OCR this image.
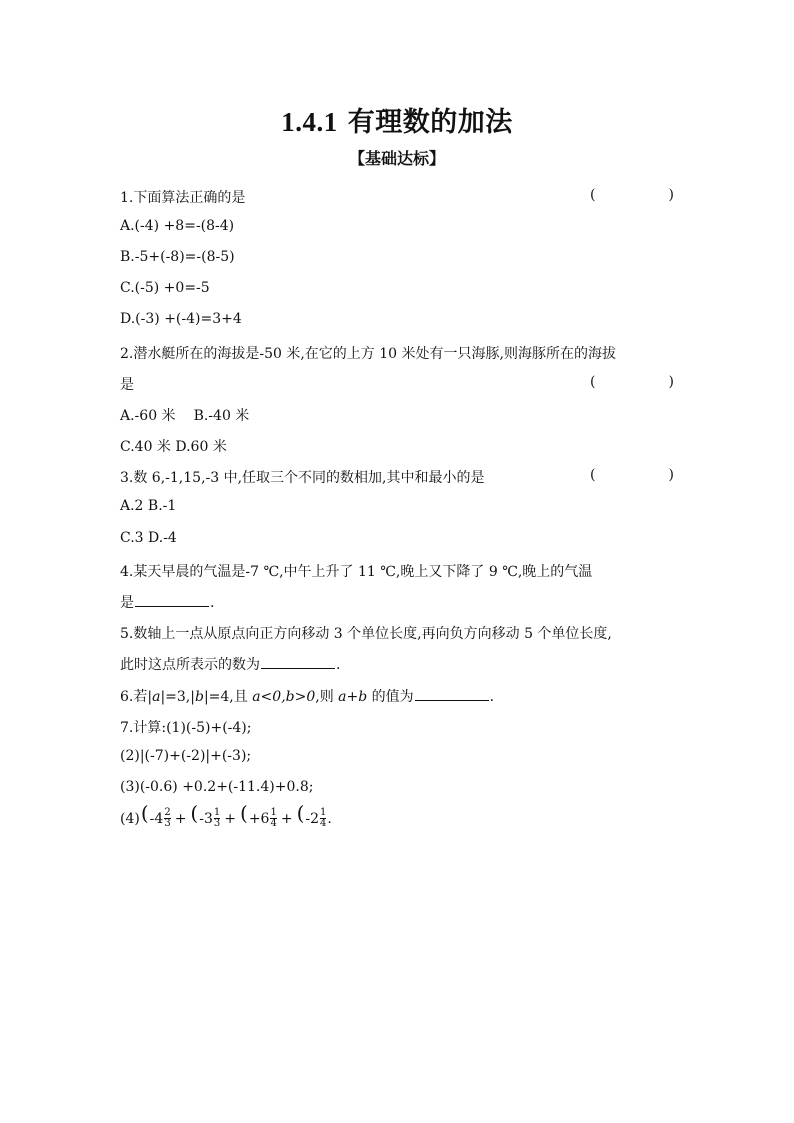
1.4.1 有理数的加法
【基础达标】
1.下面算法正确的是	(	)
A.(-4) +8=-(8-4)
B.-5+(-8)=-(8-5)
C.(-5) +0=-5
D.(-3) +(-4)=3+4
2.潜水艇所在的海拔是-50 米,在它的上方 10 米处有一只海豚,则海豚所在的海拔
是	(	)
A.-60 米 B.-40 米
C.40 米 D.60 米
3.数 6,-1,15,-3 中,任取三个不同的数相加,其中和最小的是	(	)
A.2 B.-1
C.3 D.-4
4.某天早晨的气温是-7 ℃,中午上升了 11 ℃,晚上又下降了 9 ℃,晚上的气温
是	.
5.数轴上一点从原点向正方向移动 3 个单位长度,再向负方向移动 5 个单位长度,
此时这点所表示的数为	.
6.若|a|=3,|b|=4,且 a<0,b>0,则 a+b 的值为	.
7.计算:(1)(-5)+(-4);
(2)|(-7)+(-2)|+(-3);
(3)(-0.6) +0.2+(-11.4)+0.8;
(4) ( - $4 \frac{2}{3}$ + ( - $3 \frac{1}{3}$ + ( + $6 \frac{1}{4}$ + ( - $2 \frac{1}{4}$ .
